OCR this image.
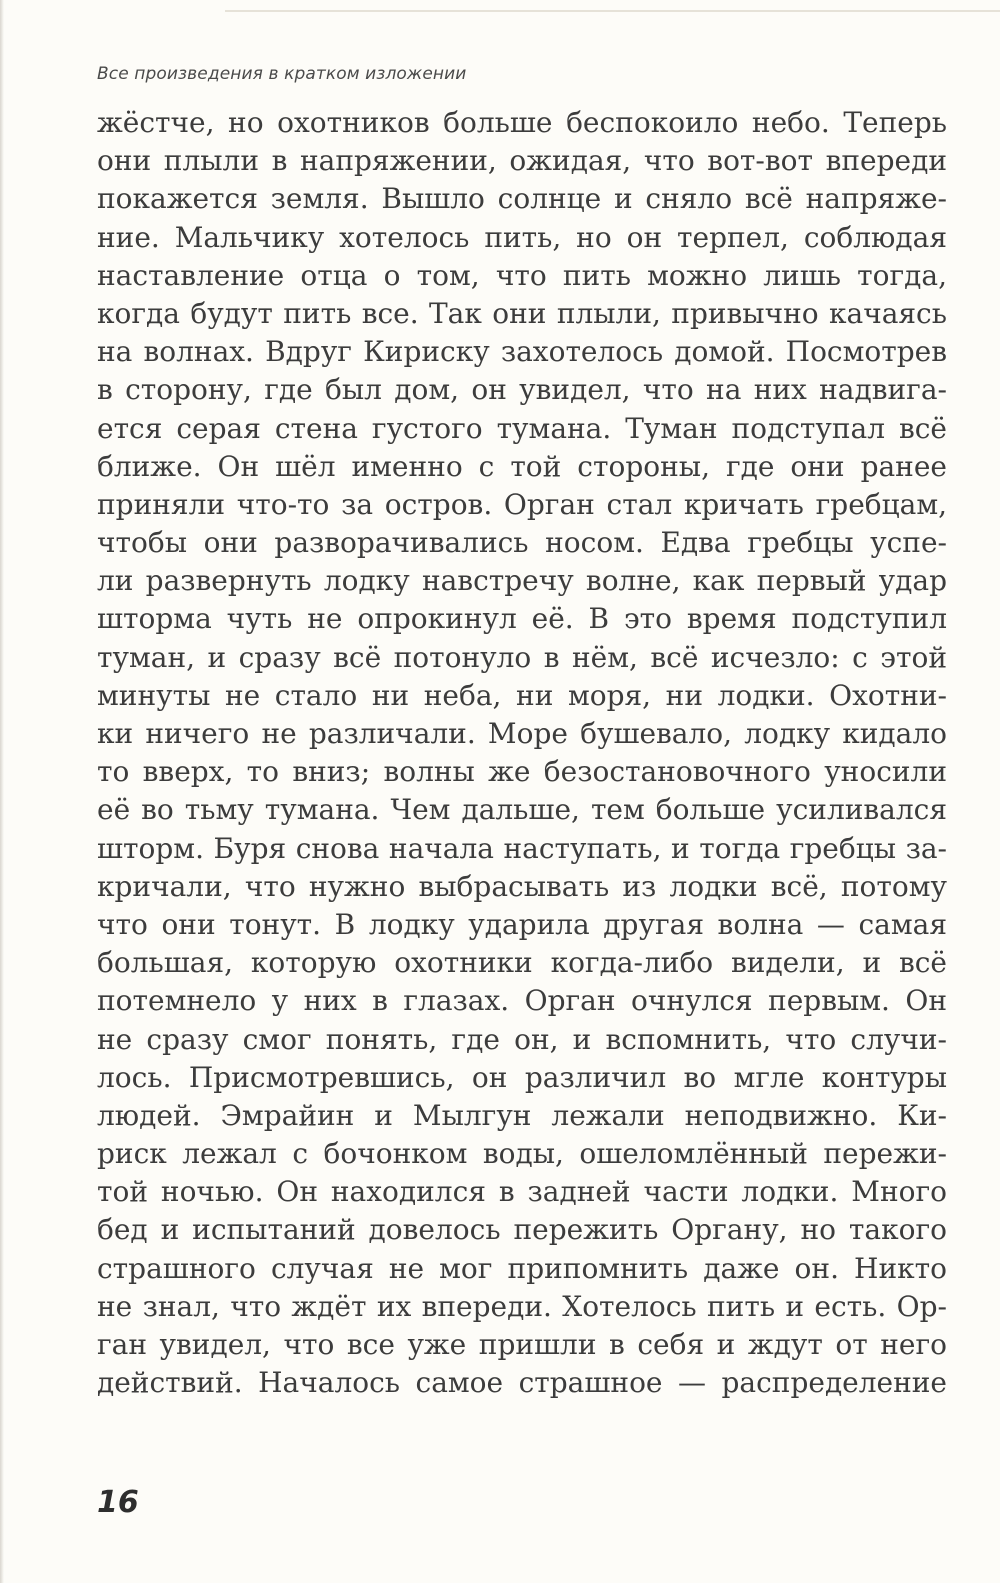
Все произведения в кратком изложении
жёстче, но охотников больше беспокоило небо. Теперь
они плыли в напряжении, ожидая, что вот-вот впереди
покажется земля. Вышло солнце и сняло всё напряже-
ние. Мальчику хотелось пить, но он терпел, соблюдая
наставление отца о том, что пить можно лишь тогда,
когда будут пить все. Так они плыли, привычно качаясь
на волнах. Вдруг Кириску захотелось домой. Посмотрев
в сторону, где был дом, он увидел, что на них надвига-
ется серая стена густого тумана. Туман подступал всё
ближе. Он шёл именно с той стороны, где они ранее
приняли что-то за остров. Орган стал кричать гребцам,
чтобы они разворачивались носом. Едва гребцы успе-
ли развернуть лодку навстречу волне, как первый удар
шторма чуть не опрокинул её. В это время подступил
туман, и сразу всё потонуло в нём, всё исчезло: с этой
минуты не стало ни неба, ни моря, ни лодки. Охотни-
ки ничего не различали. Море бушевало, лодку кидало
то вверх, то вниз; волны же безостановочного уносили
её во тьму тумана. Чем дальше, тем больше усиливался
шторм. Буря снова начала наступать, и тогда гребцы за-
кричали, что нужно выбрасывать из лодки всё, потому
что они тонут. В лодку ударила другая волна — самая
большая, которую охотники когда-либо видели, и всё
потемнело у них в глазах. Орган очнулся первым. Он
не сразу смог понять, где он, и вспомнить, что случи-
лось. Присмотревшись, он различил во мгле контуры
людей. Эмрайин и Мылгун лежали неподвижно. Ки-
риск лежал с бочонком воды, ошеломлённый пережи-
той ночью. Он находился в задней части лодки. Много
бед и испытаний довелось пережить Органу, но такого
страшного случая не мог припомнить даже он. Никто
не знал, что ждёт их впереди. Хотелось пить и есть. Ор-
ган увидел, что все уже пришли в себя и ждут от него
действий. Началось самое страшное — распределение
16
